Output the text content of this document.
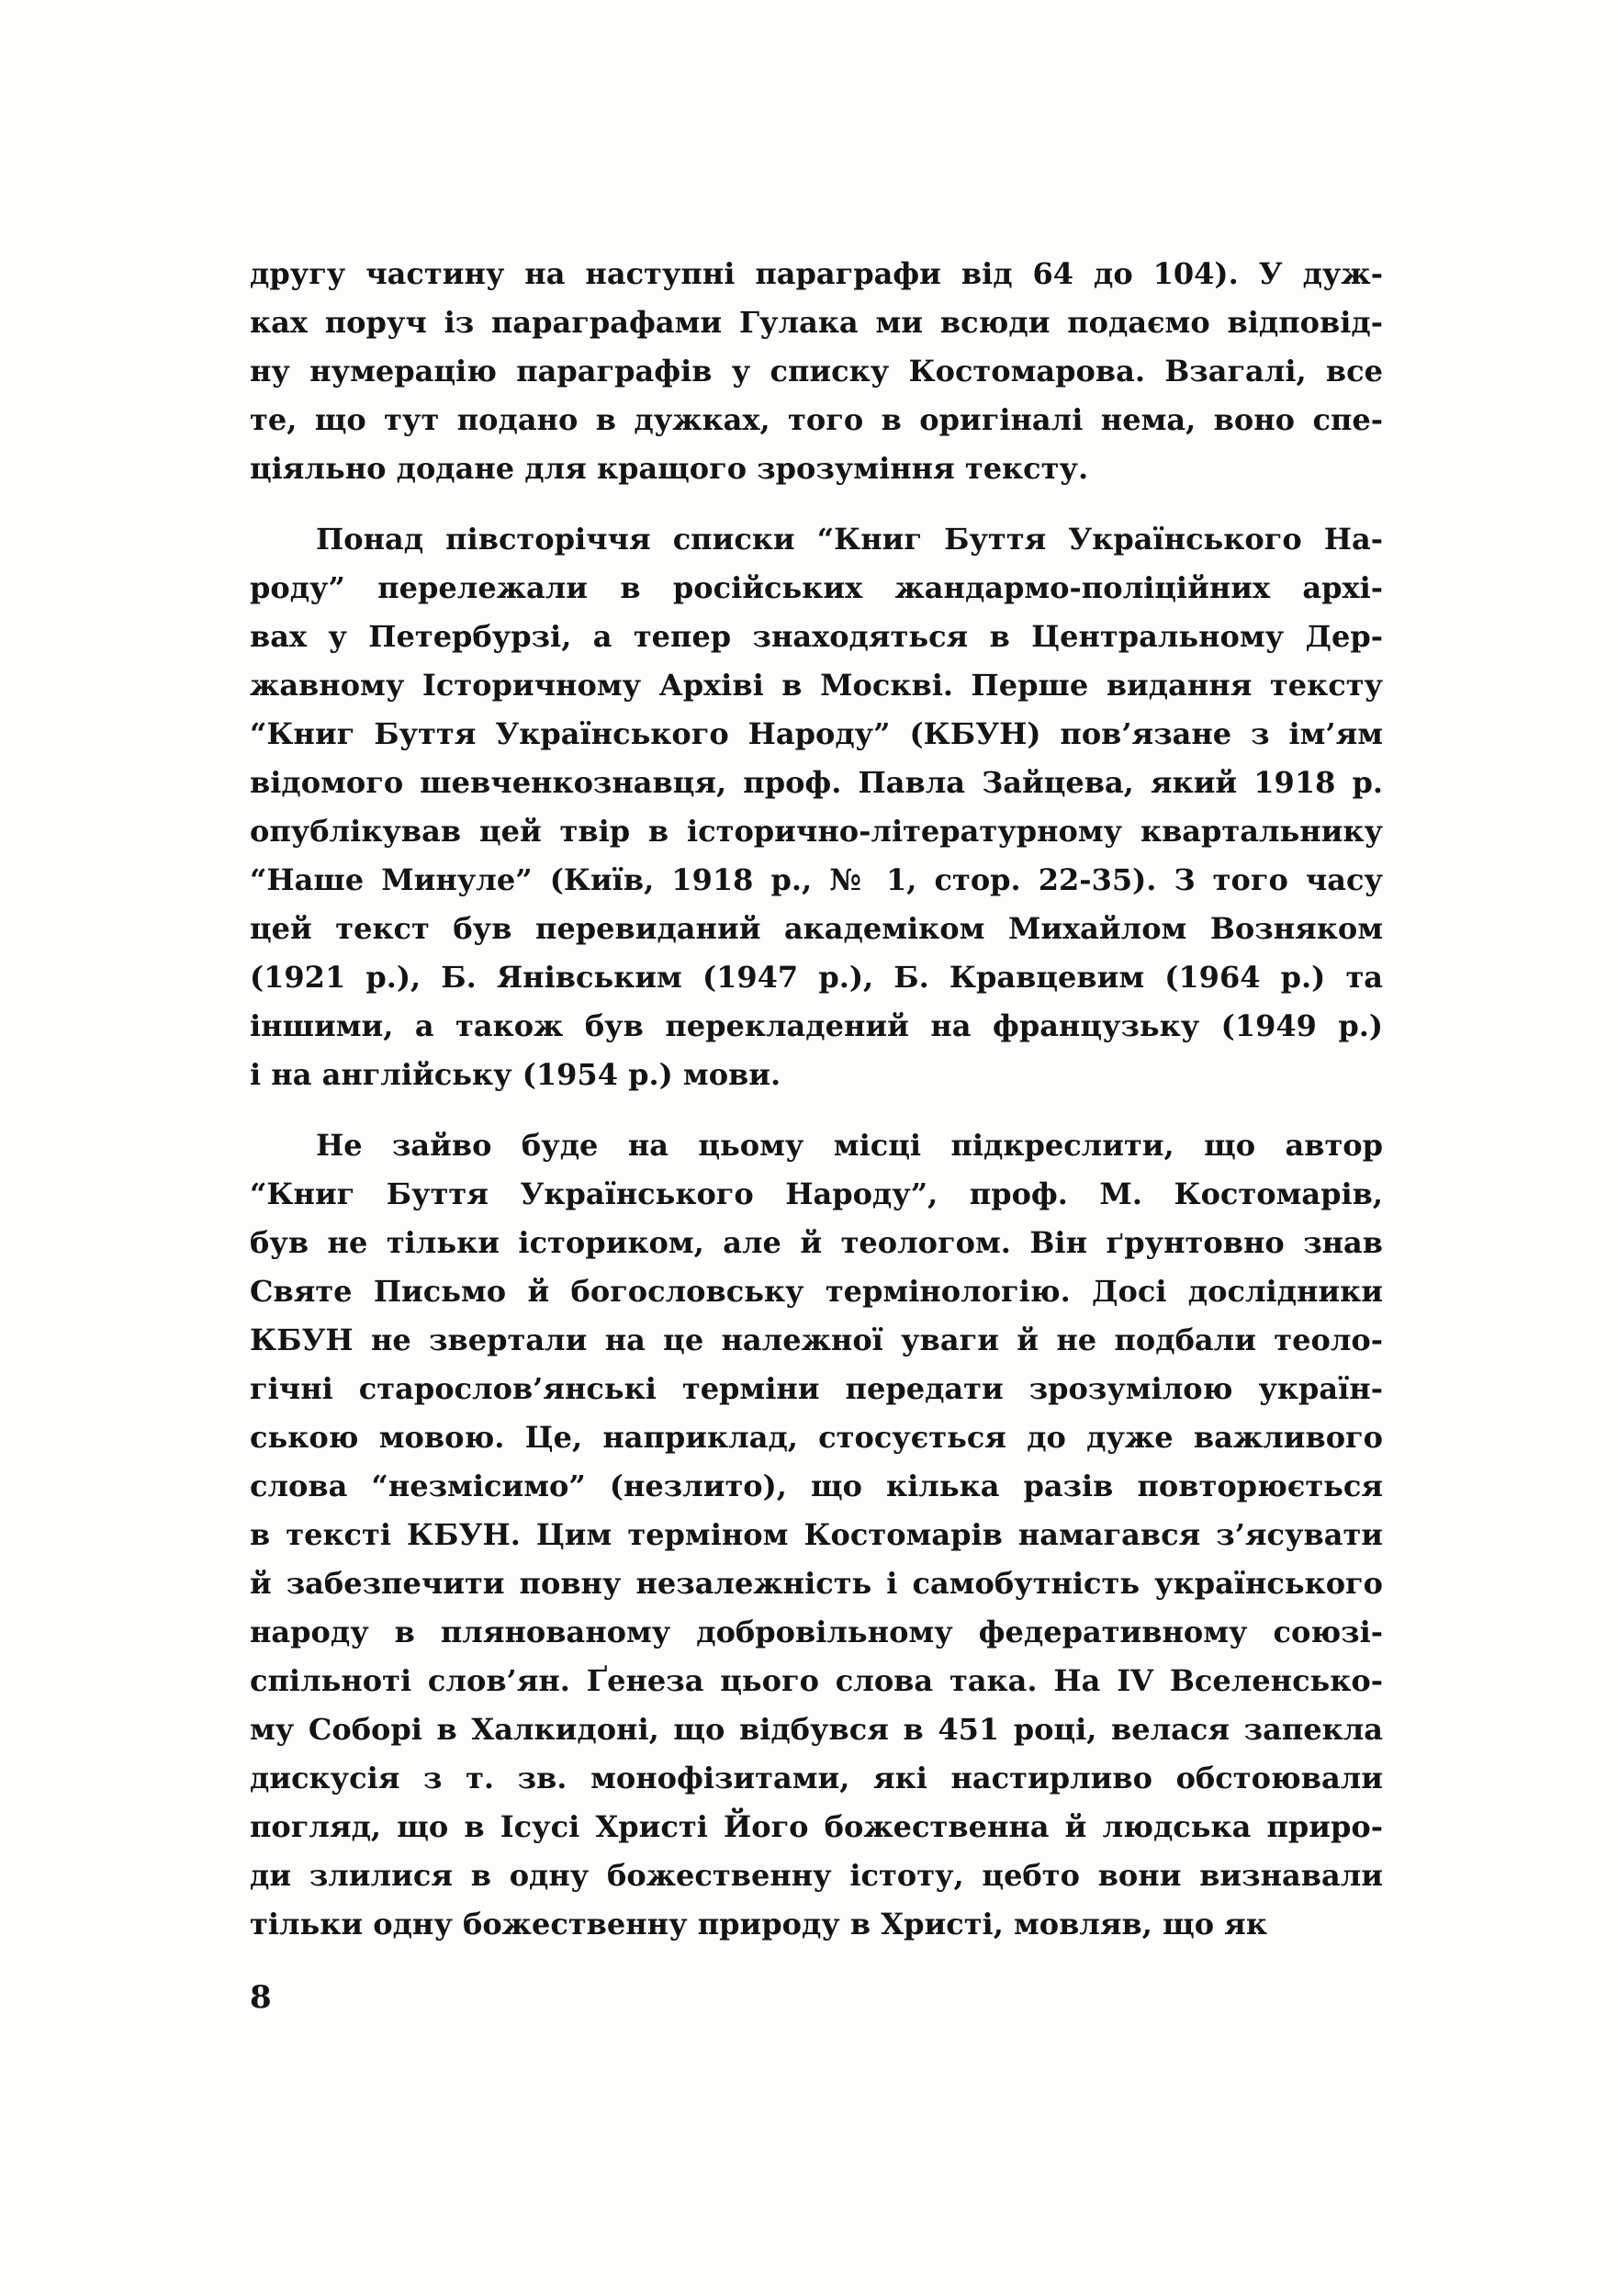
другу частину на наступні параграфи від 64 до 104). У дуж-
ках поруч із параграфами Гулака ми всюди подаємо відповід-
ну нумерацію параграфів у списку Костомарова. Взагалі, все
те, що тут подано в дужках, того в оригіналі нема, воно спе-
ціяльно додане для кращого зрозуміння тексту.
Понад півсторіччя списки “Книг Буття Українського На-
роду” перележали в російських жандармо-поліційних архі-
вах у Петербурзі, а тепер знаходяться в Центральному Дер-
жавному Історичному Архіві в Москві. Перше видання тексту
“Книг Буття Українського Народу” (КБУН) пов’язане з ім’ям
відомого шевченкознавця, проф. Павла Зайцева, який 1918 р.
опублікував цей твір в історично-літературному квартальнику
“Наше Минуле” (Київ, 1918 р., № 1, стор. 22-35). З того часу
цей текст був перевиданий академіком Михайлом Возняком
(1921 р.), Б. Янівським (1947 р.), Б. Кравцевим (1964 р.) та
іншими, а також був перекладений на французьку (1949 р.)
і на англійську (1954 р.) мови.
Не зайво буде на цьому місці підкреслити, що автор
“Книг Буття Українського Народу”, проф. М. Костомарів,
був не тільки істориком, але й теологом. Він ґрунтовно знав
Святе Письмо й богословську термінологію. Досі дослідники
КБУН не звертали на це належної уваги й не подбали теоло-
гічні старослов’янські терміни передати зрозумілою україн-
ською мовою. Це, наприклад, стосується до дуже важливого
слова “незмісимо” (незлито), що кілька разів повторюється
в тексті КБУН. Цим терміном Костомарів намагався з’ясувати
й забезпечити повну незалежність і самобутність українського
народу в плянованому добровільному федеративному союзі-
спільноті слов’ян. Ґенеза цього слова така. На IV Вселенсько-
му Соборі в Халкидоні, що відбувся в 451 році, велася запекла
дискусія з т. зв. монофізитами, які настирливо обстоювали
погляд, що в Ісусі Христі Його божественна й людська приро-
ди злилися в одну божественну істоту, цебто вони визнавали
тільки одну божественну природу в Христі, мовляв, що як
8
